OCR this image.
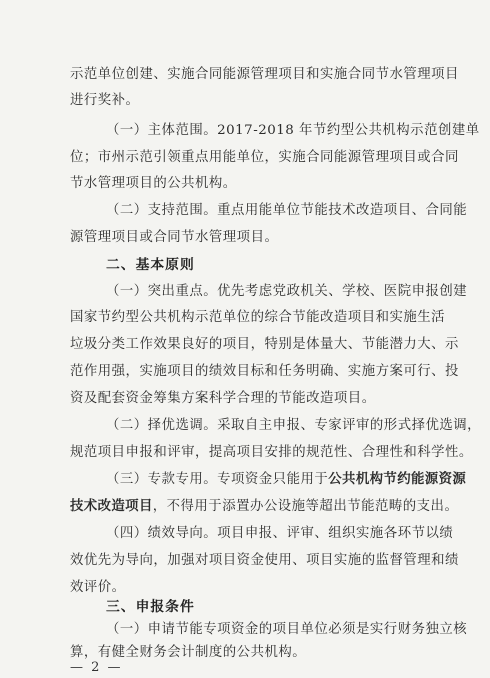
示范单位创建、实施合同能源管理项目和实施合同节水管理项目
进行奖补。
（一）主体范围。2017-2018 年节约型公共机构示范创建单
位；市州示范引领重点用能单位，实施合同能源管理项目或合同
节水管理项目的公共机构。
（二）支持范围。重点用能单位节能技术改造项目、合同能
源管理项目或合同节水管理项目。
二、基本原则
（一）突出重点。优先考虑党政机关、学校、医院申报创建
国家节约型公共机构示范单位的综合节能改造项目和实施生活
垃圾分类工作效果良好的项目，特别是体量大、节能潜力大、示
范作用强，实施项目的绩效目标和任务明确、实施方案可行、投
资及配套资金筹集方案科学合理的节能改造项目。
（二）择优选调。采取自主申报、专家评审的形式择优选调，
规范项目申报和评审，提高项目安排的规范性、合理性和科学性。
（三）专款专用。专项资金只能用于公共机构节约能源资源
技术改造项目，不得用于添置办公设施等超出节能范畴的支出。
（四）绩效导向。项目申报、评审、组织实施各环节以绩
效优先为导向，加强对项目资金使用、项目实施的监督管理和绩
效评价。
三、申报条件
（一）申请节能专项资金的项目单位必须是实行财务独立核
算，有健全财务会计制度的公共机构。
— 2 —
